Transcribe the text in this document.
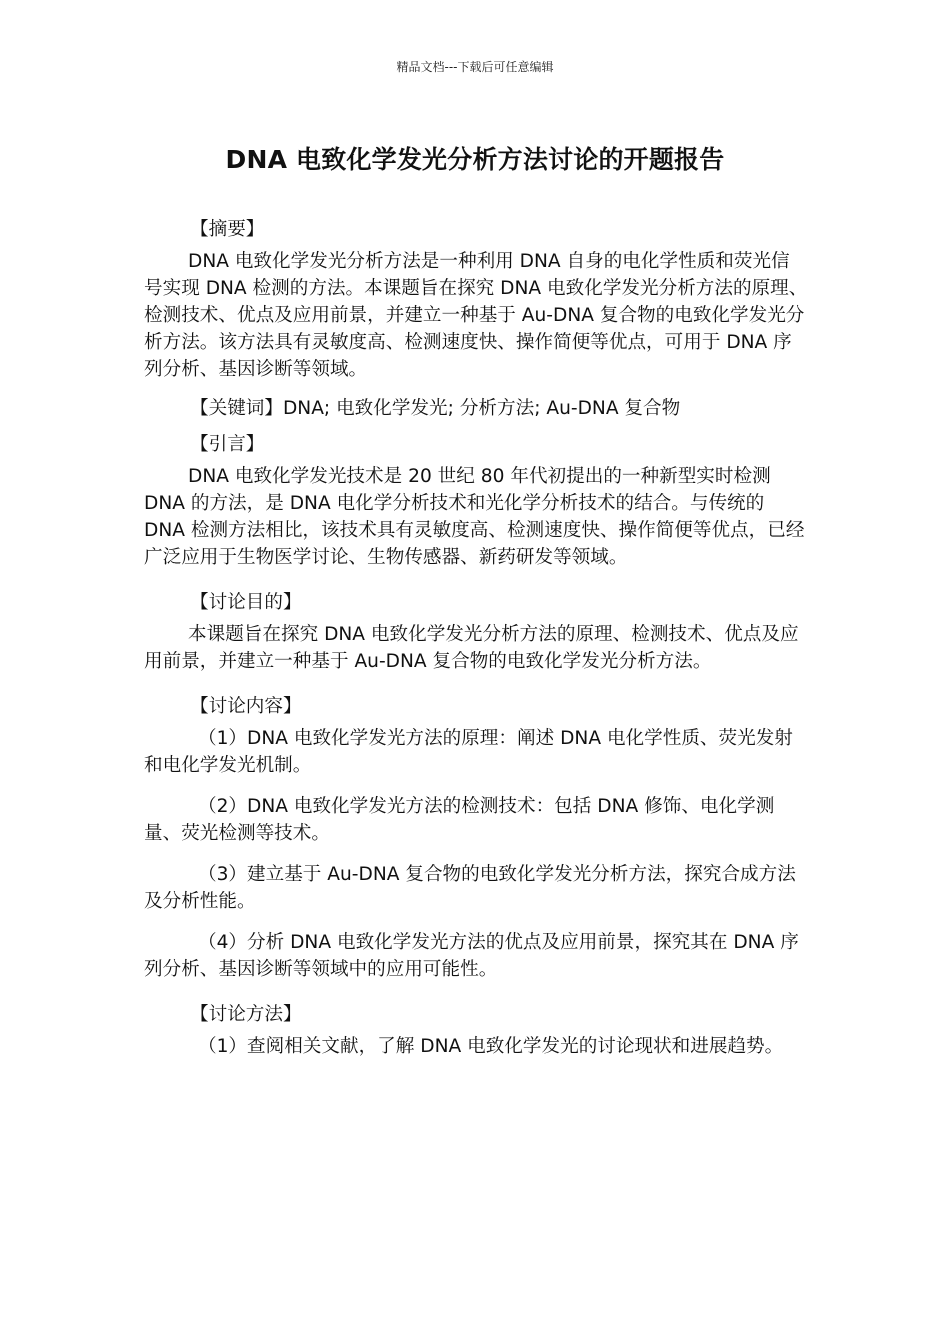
精品文档---下载后可任意编辑
DNA 电致化学发光分析方法讨论的开题报告
【摘要】

DNA 电致化学发光分析方法是一种利用 DNA 自身的电化学性质和荧光信号实现 DNA 检测的方法。本课题旨在探究 DNA 电致化学发光分析方法的原理、检测技术、优点及应用前景，并建立一种基于 Au-DNA 复合物的电致化学发光分析方法。该方法具有灵敏度高、检测速度快、操作简便等优点，可用于 DNA 序列分析、基因诊断等领域。

【关键词】DNA; 电致化学发光; 分析方法; Au-DNA 复合物
【引言】

DNA 电致化学发光技术是 20 世纪 80 年代初提出的一种新型实时检测 DNA 的方法，是 DNA 电化学分析技术和光化学分析技术的结合。与传统的 DNA 检测方法相比，该技术具有灵敏度高、检测速度快、操作简便等优点，已经广泛应用于生物医学讨论、生物传感器、新药研发等领域。

【讨论目的】

本课题旨在探究 DNA 电致化学发光分析方法的原理、检测技术、优点及应用前景，并建立一种基于 Au-DNA 复合物的电致化学发光分析方法。

【讨论内容】

（1）DNA 电致化学发光方法的原理：阐述 DNA 电化学性质、荧光发射和电化学发光机制。

（2）DNA 电致化学发光方法的检测技术：包括 DNA 修饰、电化学测量、荧光检测等技术。

（3）建立基于 Au-DNA 复合物的电致化学发光分析方法，探究合成方法及分析性能。

（4）分析 DNA 电致化学发光方法的优点及应用前景，探究其在 DNA 序列分析、基因诊断等领域中的应用可能性。

【讨论方法】

（1）查阅相关文献，了解 DNA 电致化学发光的讨论现状和进展趋势。
